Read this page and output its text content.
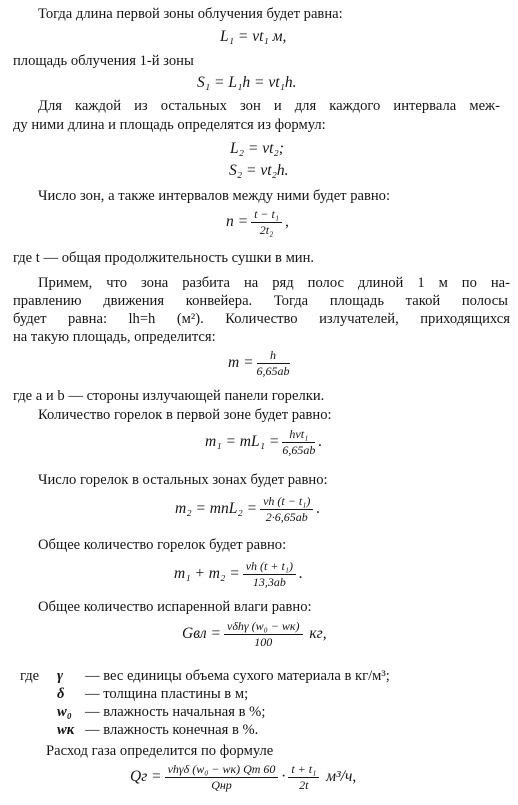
Тогда длина первой зоны облучения будет равна:
L₁ = vt₁ м,
площадь облучения 1-й зоны
S₁ = L₁h = vt₁h.
Для каждой из остальных зон и для каждого интервала меж-
ду ними длина и площадь определятся из формул:
L₂ = vt₂;
S₂ = vt₂h.
Число зон, а также интервалов между ними будет равно:
$n = \frac{\text{t − t₁}}{\text{2t₂}}$ ,
где t — общая продолжительность сушки в мин.
Примем, что зона разбита на ряд полос длиной 1 м по на-
правлению движения конвейера. Тогда площадь такой полосы
будет равна: lh=h (м²). Количество излучателей, приходящихся
на такую площадь, определится:
$m = \frac{h}{6,65ab}$
где a и b — стороны излучающей панели горелки.
Количество горелок в первой зоне будет равно:
$m_1 = mL_1 = \frac{\text{hvt₁}}{6,65ab}$ .
Число горелок в остальных зонах будет равно:
$m_2 = mnL_2 = \frac{\text{vh (t − t₁)}}{2\cdot 6,65ab}$ .
Общее количество горелок будет равно:
$m_1 + m_2 = \frac{\text{vh (t + t₁)}}{13,3ab}$ .
Общее количество испаренной влаги равно:
Gвл = $\frac{\text{vδhγ (w₀ − wк)}}{100}$ кг,
где γ — вес единицы объема сухого материала в кг/м³;
δ — толщина пластины в м;
w₀ — влажность начальная в %;
wк — влажность конечная в %.
Расход газа определится по формуле
Qг = $\frac{\text{vhγδ (w₀ − wк) Qт 60}}{\text{Qнр}} \cdot \frac{\text{t + t₁}}{2t} м^3/ч$,
